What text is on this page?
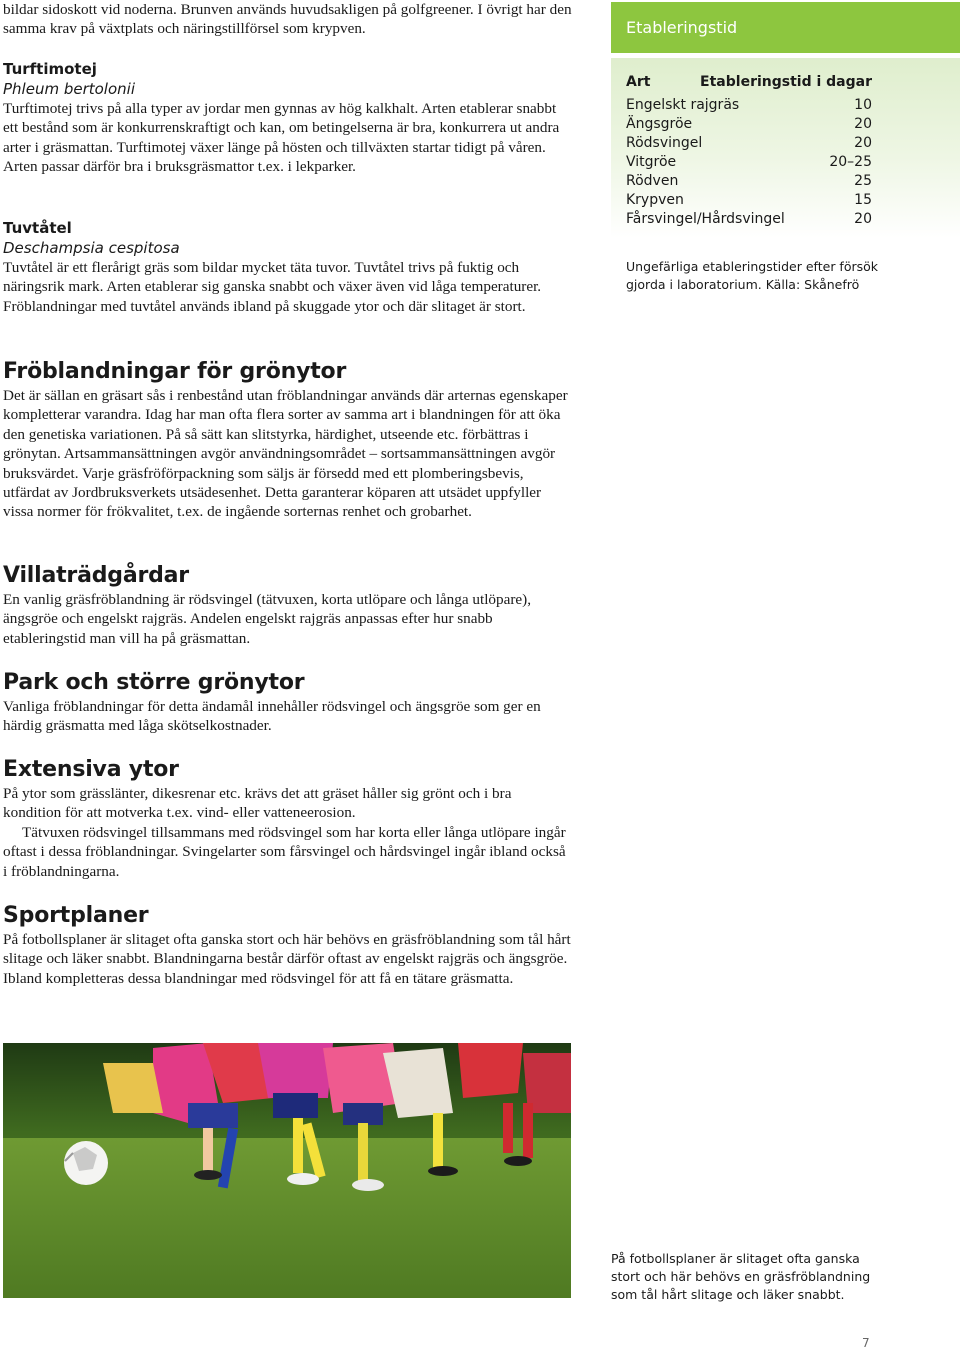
bildar sidoskott vid noderna. Brunven används huvudsakligen på golfgreener. I övrigt har den samma krav på växtplats och näringstillförsel som krypven.

Turftimotej

Phleum bertolonii

Turftimotej trivs på alla typer av jordar men gynnas av hög kalkhalt. Arten etablerar snabbt ett bestånd som är konkurrenskraftigt och kan, om betingelserna är bra, konkurrera ut andra arter i gräsmattan. Turftimotej växer länge på hösten och tillväxten startar tidigt på våren. Arten passar därför bra i bruksgräsmattor t.ex. i lekparker.

Tuvtåtel

Deschampsia cespitosa

Tuvtåtel är ett flerårigt gräs som bildar mycket täta tuvor. Tuvtåtel trivs på fuktig och näringsrik mark. Arten etablerar sig ganska snabbt och växer även vid låga temperaturer. Fröblandningar med tuvtåtel används ibland på skuggade ytor och där slitaget är stort.

Fröblandningar för grönytor

Det är sällan en gräsart sås i renbestånd utan fröblandningar används där arternas egenskaper kompletterar varandra. Idag har man ofta flera sorter av samma art i blandningen för att öka den genetiska variationen. På så sätt kan slitstyrka, härdighet, utseende etc. förbättras i grönytan. Artsammansättningen avgör användningsområdet – sortsammansättningen avgör bruksvärdet. Varje gräsfröförpackning som säljs är försedd med ett plomberingsbevis, utfärdat av Jordbruksverkets utsädesenhet. Detta garanterar köparen att utsädet uppfyller vissa normer för frökvalitet, t.ex. de ingående sorternas renhet och grobarhet.

Villaträdgårdar

En vanlig gräsfröblandning är rödsvingel (tätvuxen, korta utlöpare och långa utlöpare), ängsgröe och engelskt rajgräs. Andelen engelskt rajgräs anpassas efter hur snabb etableringstid man vill ha på gräsmattan.

Park och större grönytor

Vanliga fröblandningar för detta ändamål innehåller rödsvingel och ängsgröe som ger en härdig gräsmatta med låga skötselkostnader.

Extensiva ytor

På ytor som grässlänter, dikesrenar etc. krävs det att gräset håller sig grönt och i bra kondition för att motverka t.ex. vind- eller vatteneerosion.

Tätvuxen rödsvingel tillsammans med rödsvingel som har korta eller långa utlöpare ingår oftast i dessa fröblandningar. Svingelarter som fårsvingel och hårdsvingel ingår ibland också i fröblandningarna.

Sportplaner

På fotbollsplaner är slitaget ofta ganska stort och här behövs en gräsfröblandning som tål hårt slitage och läker snabbt. Blandningarna består därför oftast av engelskt rajgräs och ängsgröe. Ibland kompletteras dessa blandningar med rödsvingel för att få en tätare gräsmatta.

Etableringstid
Art	Etableringstid i dagar
Engelskt rajgräs	10
Ängsgröe	20
Rödsvingel	20
Vitgröe	20–25
Rödven	25
Krypven	15
Fårsvingel/Hårdsvingel	20

Ungefärliga etableringstider efter försök gjorda i laboratorium. Källa: Skånefrö

På fotbollsplaner är slitaget ofta ganska stort och här behövs en gräsfröblandning som tål hårt slitage och läker snabbt.

7
